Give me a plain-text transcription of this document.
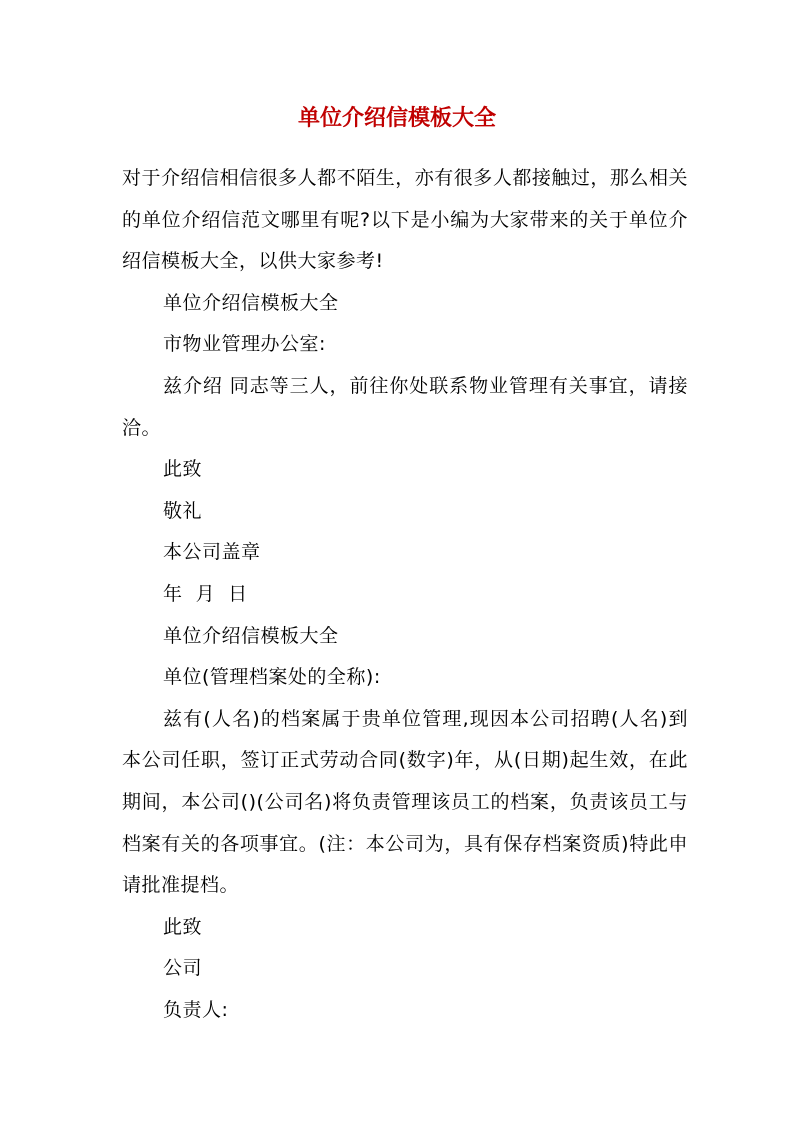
单位介绍信模板大全

对于介绍信相信很多人都不陌生，亦有很多人都接触过，那么相关的单位介绍信范文哪里有呢?以下是小编为大家带来的关于单位介绍信模板大全，以供大家参考!

单位介绍信模板大全

市物业管理办公室:

兹介绍 同志等三人，前往你处联系物业管理有关事宜，请接洽。

此致

敬礼

本公司盖章

年  月  日

单位介绍信模板大全

单位(管理档案处的全称):

兹有(人名)的档案属于贵单位管理,现因本公司招聘(人名)到本公司任职，签订正式劳动合同(数字)年，从(日期)起生效，在此期间，本公司()(公司名)将负责管理该员工的档案，负责该员工与档案有关的各项事宜。(注：本公司为，具有保存档案资质)特此申请批准提档。

此致

公司

负责人:
